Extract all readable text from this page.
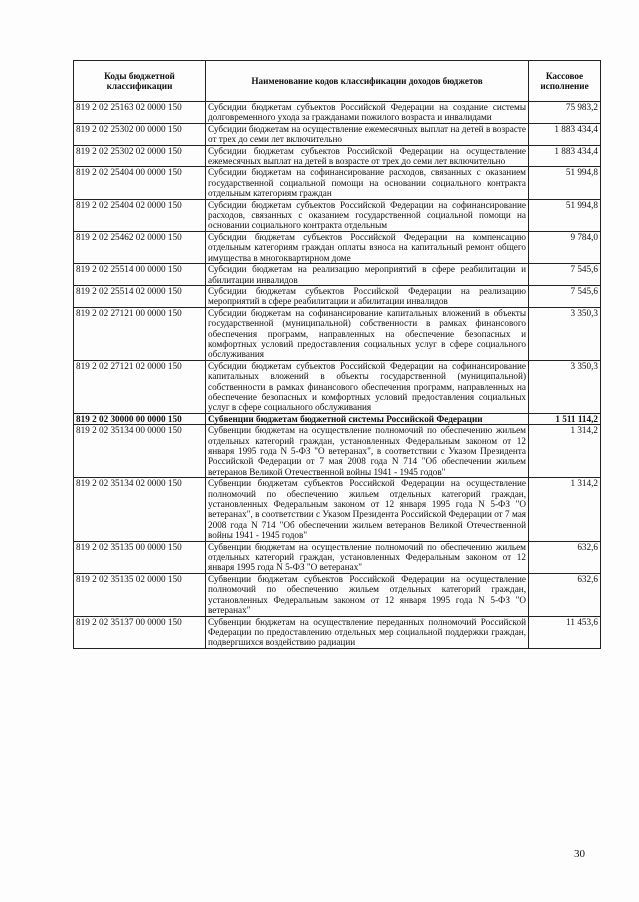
Коды бюджетной классификации	Наименование кодов классификации доходов бюджетов	Кассовое исполнение
819 2 02 25163 02 0000 150	Субсидии бюджетам субъектов Российской Федерации на создание системы долговременного ухода за гражданами пожилого возраста и инвалидами	75 983,2
819 2 02 25302 00 0000 150	Субсидии бюджетам на осуществление ежемесячных выплат на детей в возрасте от трех до семи лет включительно	1 883 434,4
819 2 02 25302 02 0000 150	Субсидии бюджетам субъектов Российской Федерации на осуществление ежемесячных выплат на детей в возрасте от трех до семи лет включительно	1 883 434,4
819 2 02 25404 00 0000 150	Субсидии бюджетам на софинансирование расходов, связанных с оказанием государственной социальной помощи на основании социального контракта отдельным категориям граждан	51 994,8
819 2 02 25404 02 0000 150	Субсидии бюджетам субъектов Российской Федерации на софинансирование расходов, связанных с оказанием государственной социальной помощи на основании социального контракта отдельным	51 994,8
819 2 02 25462 02 0000 150	Субсидии бюджетам субъектов Российской Федерации на компенсацию отдельным категориям граждан оплаты взноса на капитальный ремонт общего имущества в многоквартирном доме	9 784,0
819 2 02 25514 00 0000 150	Субсидии бюджетам на реализацию мероприятий в сфере реабилитации и абилитации инвалидов	7 545,6
819 2 02 25514 02 0000 150	Субсидии бюджетам субъектов Российской Федерации на реализацию мероприятий в сфере реабилитации и абилитации инвалидов	7 545,6
819 2 02 27121 00 0000 150	Субсидии бюджетам на софинансирование капитальных вложений в объекты государственной (муниципальной) собственности в рамках финансового обеспечения программ, направленных на обеспечение безопасных и комфортных условий предоставления социальных услуг в сфере социального обслуживания	3 350,3
819 2 02 27121 02 0000 150	Субсидии бюджетам субъектов Российской Федерации на софинансирование капитальных вложений в объекты государственной (муниципальной) собственности в рамках финансового обеспечения программ, направленных на обеспечение безопасных и комфортных условий предоставления социальных услуг в сфере социального обслуживания	3 350,3
819 2 02 30000 00 0000 150	Субвенции бюджетам бюджетной системы Российской Федерации	1 511 114,2
819 2 02 35134 00 0000 150	Субвенции бюджетам на осуществление полномочий по обеспечению жильем отдельных категорий граждан, установленных Федеральным законом от 12 января 1995 года N 5-ФЗ "О ветеранах", в соответствии с Указом Президента Российской Федерации от 7 мая 2008 года N 714 "Об обеспечении жильем ветеранов Великой Отечественной войны 1941 - 1945 годов"	1 314,2
819 2 02 35134 02 0000 150	Субвенции бюджетам субъектов Российской Федерации на осуществление полномочий по обеспечению жильем отдельных категорий граждан, установленных Федеральным законом от 12 января 1995 года N 5-ФЗ "О ветеранах", в соответствии с Указом Президента Российской Федерации от 7 мая 2008 года N 714 "Об обеспечении жильем ветеранов Великой Отечественной войны 1941 - 1945 годов"	1 314,2
819 2 02 35135 00 0000 150	Субвенции бюджетам на осуществление полномочий по обеспечению жильем отдельных категорий граждан, установленных Федеральным законом от 12 января 1995 года N 5-ФЗ "О ветеранах"	632,6
819 2 02 35135 02 0000 150	Субвенции бюджетам субъектов Российской Федерации на осуществление полномочий по обеспечению жильем отдельных категорий граждан, установленных Федеральным законом от 12 января 1995 года N 5-ФЗ "О ветеранах"	632,6
819 2 02 35137 00 0000 150	Субвенции бюджетам на осуществление переданных полномочий Российской Федерации по предоставлению отдельных мер социальной поддержки граждан, подвергшихся воздействию радиации	11 453,6
30
